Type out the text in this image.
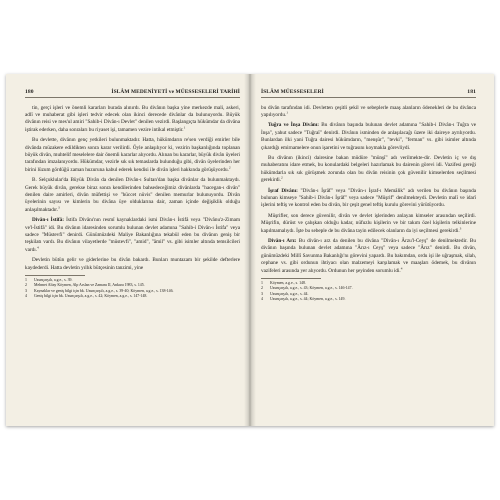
180	İSLÂM MEDENİYETİ ve MÜESSESELERİ TARİHİ

tin, gerçi işleri ve önemli kararları burada alınırdı. Bu divânın başka yine merkezde mali, askeri, adlî ve muhaberat gibi işleri tedvir edecek olan ikinci derecede divânlar da bulunuyordu. Büyük divânın reisi ve mes'ul amiri "Sahib-i Divân-ı Devlet" denilen vezirdi. Başlangıçta hükümdar da divâna iştirak ederken, daha sonraları bu riyaset işi, tamamen vezire intikal etmiştir.$^1$

Bu devlette, divânın genç yetkileri bulunmaktadır. Hatta, hükümdarın re'sen verdiği emirler bile divânda müzakere edildikten sonra karar verilirdi. Öyle anlaşılıyor ki, vezirin başkanlığında toplanan büyük divân, muhtelif meselelere dair önemli kararlar alıyordu. Alınan bu kararlar, büyük divân üyeleri tarafından imzalanıyordu. Hükümdar, vezirle sık sık temaslarda bulunduğu gibi, divân üyelerinden her birini lüzum gördüğü zaman huzuruna kabul ederek kendisi ile divân işleri hakkında görüşüyordu.$^2$

B. Selçuklular'da Büyük Divân da denilen Divân-ı Sultan'dan başka divânlar da bulunmaktaydı. Gerek büyük divân, gerekse biraz sonra kendilerinden bahsedeceğimiz divânlarda "hacegan-ı divân" denilen daire amirleri, divân müfettişi ve "hüccet nüvis" denilen memurlar bulunuyordu. Divân üyelerinin sayısı ve kimlerin bu divâna üye olduklarına dair, zaman içinde değişiklik olduğu anlaşılmaktadır.$^3$

Divân-ı İstifâ: İstifa Divânı'nın resmî kaynaklardaki ismi Divân-ı İstifâ veya "Divânu'z-Zimam ve'l-İstifâ" idi. Bu divânın idaresinden sorumlu bulunan devlet adamına "Sahib-i Divân-ı İstifa" veya sadece "Müstevfi" denirdi. Günümüzdeki Maliye Bakanlığına tekabül eden bu divânın geniş bir teşkilatı vardı. Bu divânın vilayetlerde "müstevfi", "amid", "âmil" vs. gibi isimler altında temsilcileri vardı.$^4$

Devletin bütün gelir ve giderlerine bu divân bakardı. Bunları muntazam bir şekilde defterlere kaydederdi. Hatta devletin yıllık bütçesinin tanzimi, yine

1	Uzunçarşılı, a.g.e., s. 39.
2	Mehmet Altay Köymen, Alp Arslan ve Zamanı II, Ankara 1983, s. 145.
3	Kaynaklar ve geniş bilgi için bk. Uzunçarşılı, a.g.e., s. 39-40; Köymen, a.g.e., s. 138-146.
4	Geniş bilgi için bk. Uzunçarşılı, a.g.e., s. 42; Köymen, a.g.e., s. 147-148.
İSLÂM MÜESSESELERİ	181

bu divân tarafından idi. Devletten çeşitli şekil ve sebeplerle maaş alanların ödenekleri de bu divânca yapılıyordu.$^1$

Tuğra ve İnşa Divânı: Bu divânın başında bulunan devlet adamına "Sahib-i Divân-ı Tuğra ve İnşa", yahut sadece "Tuğraî" denirdi. Divânın isminden de anlaşılacağı üzere iki daireye ayrılıyordu. Bunlardan ilki yani Tuğra dairesi hükümdarın, "menşûr", "tevki", "ferman" vs. gibi isimler altında çıkardığı emirnamelere onun işaretini ve tuğrasını koymakla görevliydi.

Bu divânın (ikinci) dairesine bakan müdüre "münşî" adı verilmekte-dir. Devletin iç ve dış muhaberatını idare etmek, bu konulardaki belgeleri hazırlamak bu dairenin görevi idi. Vazifesi gereği hükümdarla sık sık görüşmek zorunda olan bu divân reisinin çok güvenilir kimselerden seçilmesi gerekirdi.$^2$

İşraf Divânı: "Divân-ı İşrâf" veya "Divân-ı İşraf-ı Memâlik" adı verilen bu divânın başında bulunan kimseye "Sahib-i Divân-ı İşrâf" veya sadece "Müşrif" denilmekteydi. Devletin malî ve idarî işlerini teftiş ve kontrol eden bu divân, bir çeşit genel teftiş kurulu görevini yürütüyordu.

Müşrifler, son derece güvenilir, divân ve devlet işlerinden anlayan kimseler arasından seçilirdi. Müşrifin, dürüst ve çalışkan olduğu kadar, nüfuzlu kişilerin ve bir takım özel kişilerin telkinlerine kapılmamalıydı. İşte bu sebeple de bu divâna tayin edilecek olanların da iyi seçilmesi gerekirdi.$^3$

Divân-ı Arz: Bu divân-ı arz da denilen bu divâna "Divân-ı Ârzu'l-Ceyş" de denilmektedir. Bu divânın başında bulunan devlet adamına "Ârız-ı Ceyş" veya sadece "Ârız" denirdi. Bu divân, günümüzdeki Millî Savunma Bakanlığı'nı görevini yapardı. Bu bakımdan, ordu işi ile uğraşmak, silah, cephane vs. gibi ordunun ihtiyacı olan malzemeyi karşılamak ve maaşları ödemek, bu divânın vazifeleri arasında yer alıyordu. Ordunun her şeyinden sorumlu idi.$^4$

1	Köymen, a.g.e., s. 148.
2	Uzunçarşılı, a.g.e., s. 43; Köymen, a.g.e., s. 146-147.
3	Uzunçarşılı, a.g.e., s. 44.
4	Uzunçarşılı, a.g.e., s. 44; Köymen, a.g.e., s. 149.
